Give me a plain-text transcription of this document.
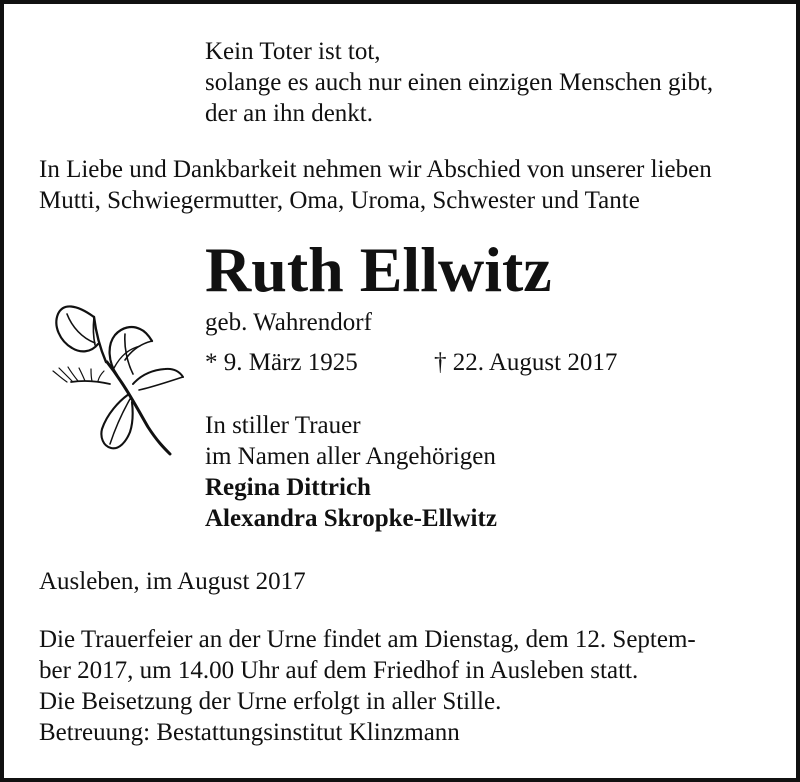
Kein Toter ist tot,
solange es auch nur einen einzigen Menschen gibt,
der an ihn denkt.
In Liebe und Dankbarkeit nehmen wir Abschied von unserer lieben
Mutti, Schwiegermutter, Oma, Uroma, Schwester und Tante
Ruth Ellwitz
geb. Wahrendorf
* 9. März 1925	† 22. August 2017
In stiller Trauer
im Namen aller Angehörigen
Regina Dittrich
Alexandra Skropke-Ellwitz
Ausleben, im August 2017
Die Trauerfeier an der Urne findet am Dienstag, dem 12. Septem-
ber 2017, um 14.00 Uhr auf dem Friedhof in Ausleben statt.
Die Beisetzung der Urne erfolgt in aller Stille.
Betreuung: Bestattungsinstitut Klinzmann
